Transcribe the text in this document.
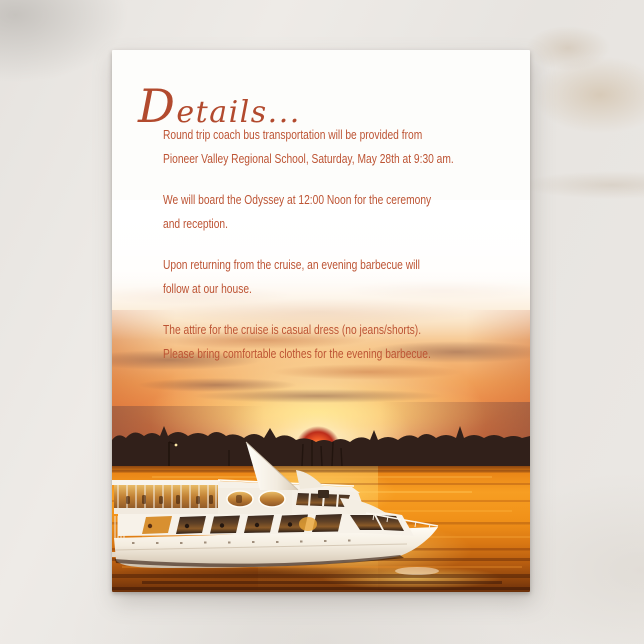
Details...

Round trip coach bus transportation will be provided from
Pioneer Valley Regional School, Saturday, May 28th at 9:30 am.

We will board the Odyssey at 12:00 Noon for the ceremony
and reception.

Upon returning from the cruise, an evening barbecue will
follow at our house.

The attire for the cruise is casual dress (no jeans/shorts).
Please bring comfortable clothes for the evening barbecue.
